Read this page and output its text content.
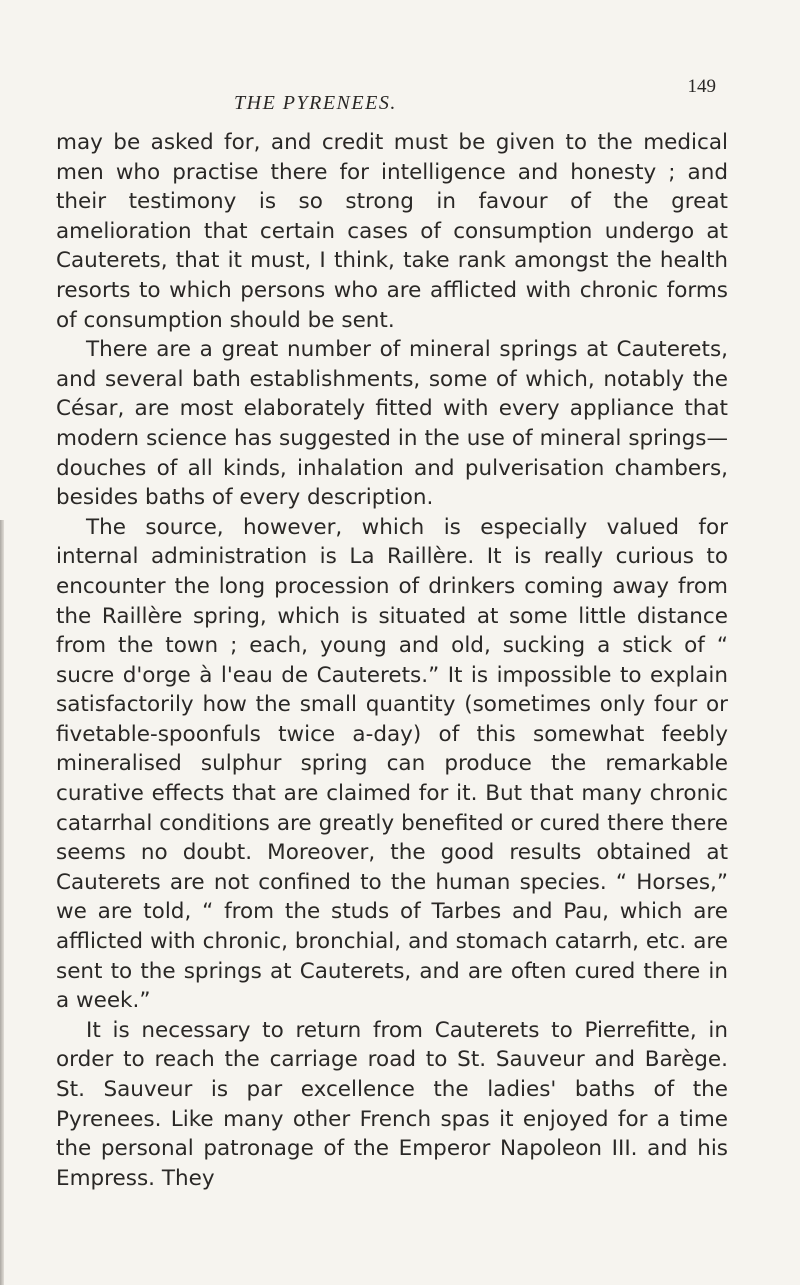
THE PYRENEES.
149

may be asked for, and credit must be given to the medical men who practise there for intelligence and honesty ; and their testimony is so strong in favour of the great amelioration that certain cases of consumption undergo at Cauterets, that it must, I think, take rank amongst the health resorts to which persons who are afflicted with chronic forms of consumption should be sent.

There are a great number of mineral springs at Cauterets, and several bath establishments, some of which, notably the César, are most elaborately fitted with every appliance that modern science has suggested in the use of mineral springs—douches of all kinds, inhalation and pulverisation chambers, besides baths of every description.

The source, however, which is especially valued for internal administration is La Raillère. It is really curious to encounter the long procession of drinkers coming away from the Raillère spring, which is situated at some little distance from the town ; each, young and old, sucking a stick of “ sucre d'orge à l'eau de Cauterets.” It is impossible to explain satisfactorily how the small quantity (sometimes only four or fivetable-spoonfuls twice a-day) of this somewhat feebly mineralised sulphur spring can produce the remarkable curative effects that are claimed for it. But that many chronic catarrhal conditions are greatly benefited or cured there there seems no doubt. Moreover, the good results obtained at Cauterets are not confined to the human species. “ Horses,” we are told, “ from the studs of Tarbes and Pau, which are afflicted with chronic, bronchial, and stomach catarrh, etc. are sent to the springs at Cauterets, and are often cured there in a week.”

It is necessary to return from Cauterets to Pierrefitte, in order to reach the carriage road to St. Sauveur and Barège. St. Sauveur is par excellence the ladies' baths of the Pyrenees. Like many other French spas it enjoyed for a time the personal patronage of the Emperor Napoleon III. and his Empress. They
